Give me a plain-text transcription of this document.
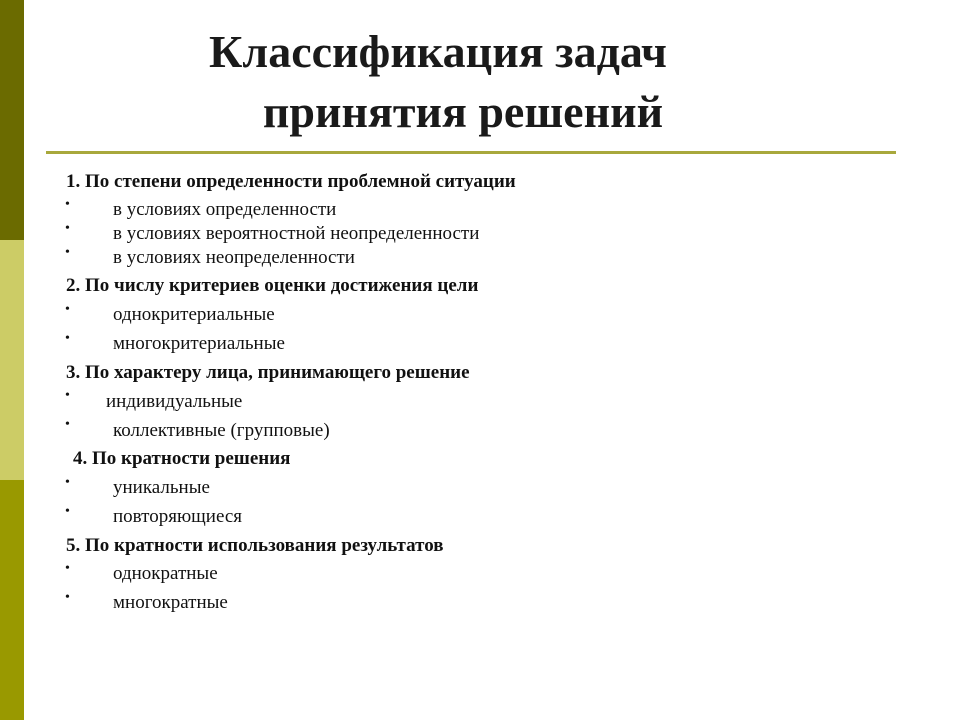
Классификация задач
принятия решений
1. По степени определенности проблемной ситуации
• в условиях определенности
• в условиях вероятностной неопределенности
• в условиях неопределенности
2. По числу критериев оценки достижения цели
• однокритериальные
• многокритериальные
3. По характеру лица, принимающего решение
• индивидуальные
• коллективные (групповые)
4. По кратности решения
• уникальные
• повторяющиеся
5. По кратности использования результатов
• однократные
• многократные
